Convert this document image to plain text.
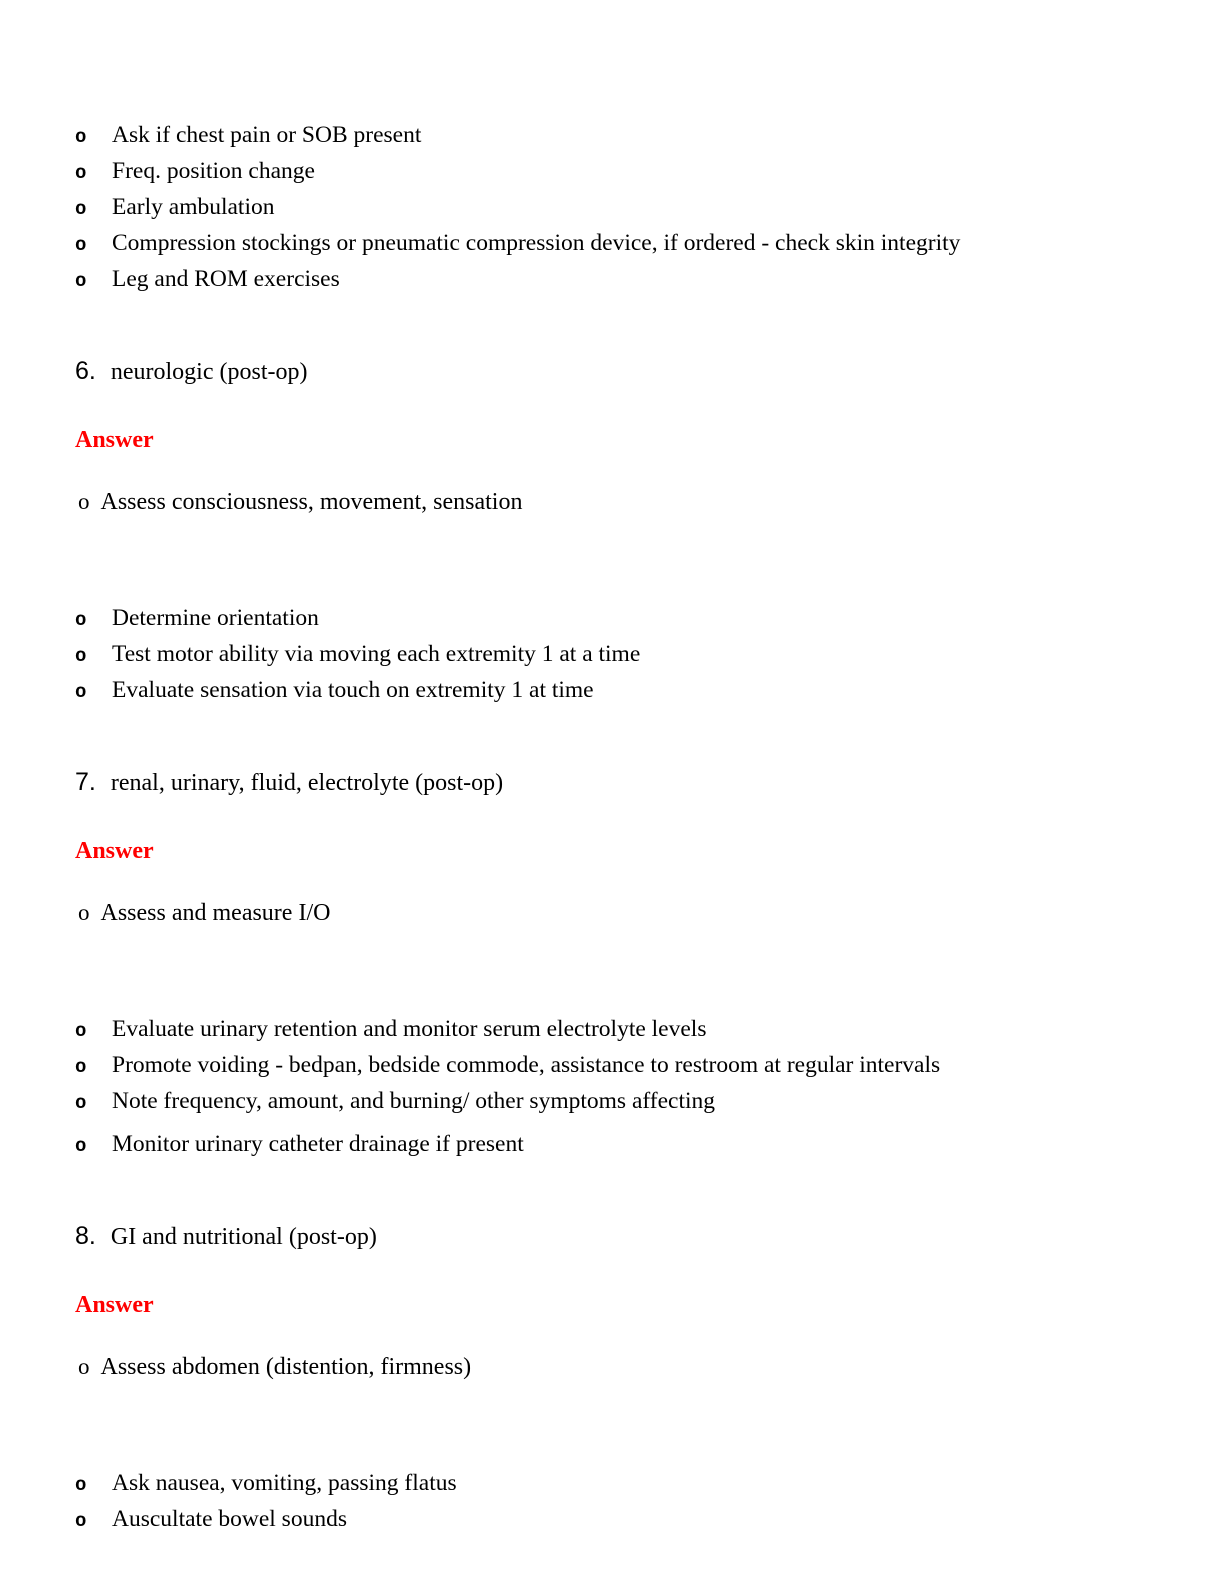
o	Ask if chest pain or SOB present
o	Freq. position change
o	Early ambulation
o	Compression stockings or pneumatic compression device, if ordered - check skin integrity
o	Leg and ROM exercises
6. neurologic (post-op)
Answer
o Assess consciousness, movement, sensation
o	Determine orientation
o	Test motor ability via moving each extremity 1 at a time
o	Evaluate sensation via touch on extremity 1 at time
7. renal, urinary, fluid, electrolyte (post-op)
Answer
o Assess and measure I/O
o	Evaluate urinary retention and monitor serum electrolyte levels
o	Promote voiding - bedpan, bedside commode, assistance to restroom at regular intervals
o	Note frequency, amount, and burning/ other symptoms affecting
o	Monitor urinary catheter drainage if present
8. GI and nutritional (post-op)
Answer
o Assess abdomen (distention, firmness)
o	Ask nausea, vomiting, passing flatus
o	Auscultate bowel sounds
